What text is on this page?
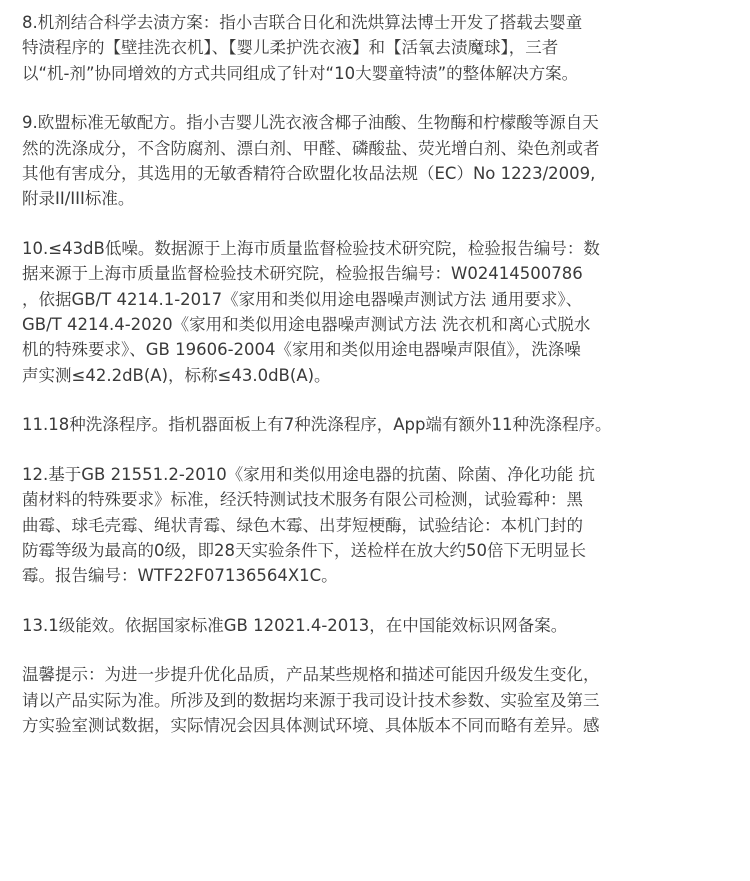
8.机剂结合科学去渍方案：指小吉联合日化和洗烘算法博士开发了搭载去婴童
特渍程序的【壁挂洗衣机】、【婴儿柔护洗衣液】和【活氧去渍魔球】，三者
以“机-剂”协同增效的方式共同组成了针对“10大婴童特渍”的整体解决方案。
9.欧盟标准无敏配方。指小吉婴儿洗衣液含椰子油酸、生物酶和柠檬酸等源自天
然的洗涤成分，不含防腐剂、漂白剂、甲醛、磷酸盐、荧光增白剂、染色剂或者
其他有害成分，其选用的无敏香精符合欧盟化妆品法规（EC）No 1223/2009,
附录II/III标准。
10.≤43dB低噪。数据源于上海市质量监督检验技术研究院，检验报告编号：数
据来源于上海市质量监督检验技术研究院，检验报告编号：W02414500786
，依据GB/T 4214.1-2017《家用和类似用途电器噪声测试方法 通用要求》、
GB/T 4214.4-2020《家用和类似用途电器噪声测试方法 洗衣机和离心式脱水
机的特殊要求》、GB 19606-2004《家用和类似用途电器噪声限值》，洗涤噪
声实测≤42.2dB(A)，标称≤43.0dB(A)。
11.18种洗涤程序。指机器面板上有7种洗涤程序，App端有额外11种洗涤程序。
12.基于GB 21551.2-2010《家用和类似用途电器的抗菌、除菌、净化功能 抗
菌材料的特殊要求》标准，经沃特测试技术服务有限公司检测，试验霉种：黑
曲霉、球毛壳霉、绳状青霉、绿色木霉、出芽短梗酶，试验结论：本机门封的
防霉等级为最高的0级，即28天实验条件下，送检样在放大约50倍下无明显长
霉。报告编号：WTF22F07136564X1C。
13.1级能效。依据国家标准GB 12021.4-2013，在中国能效标识网备案。
温馨提示：为进一步提升优化品质，产品某些规格和描述可能因升级发生变化，
请以产品实际为准。所涉及到的数据均来源于我司设计技术参数、实验室及第三
方实验室测试数据，实际情况会因具体测试环境、具体版本不同而略有差异。感
